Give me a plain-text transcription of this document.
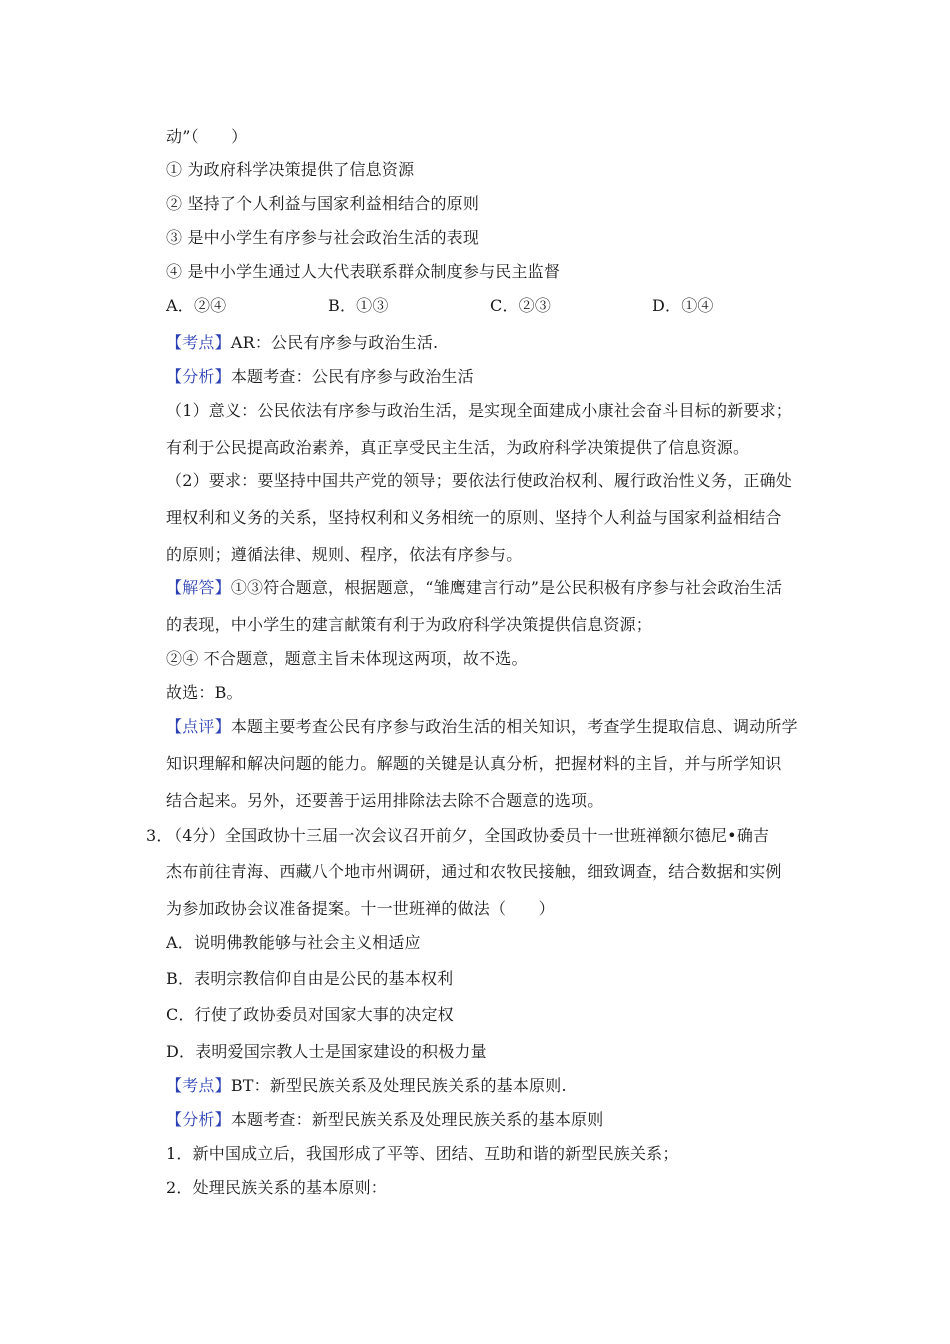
动”（　　）
① 为政府科学决策提供了信息资源
② 坚持了个人利益与国家利益相结合的原则
③ 是中小学生有序参与社会政治生活的表现
④ 是中小学生通过人大代表联系群众制度参与民主监督
A．②④	B．①③	C．②③	D．①④
【考点】AR：公民有序参与政治生活.
【分析】本题考查：公民有序参与政治生活
（1）意义：公民依法有序参与政治生活，是实现全面建成小康社会奋斗目标的新要求；
有利于公民提高政治素养，真正享受民主生活，为政府科学决策提供了信息资源。
（2）要求：要坚持中国共产党的领导；要依法行使政治权利、履行政治性义务，正确处
理权利和义务的关系，坚持权利和义务相统一的原则、坚持个人利益与国家利益相结合
的原则；遵循法律、规则、程序，依法有序参与。
【解答】①③符合题意，根据题意，“雏鹰建言行动”是公民积极有序参与社会政治生活
的表现，中小学生的建言献策有利于为政府科学决策提供信息资源；
②④ 不合题意，题意主旨未体现这两项，故不选。
故选：B。
【点评】本题主要考查公民有序参与政治生活的相关知识，考查学生提取信息、调动所学
知识理解和解决问题的能力。解题的关键是认真分析，把握材料的主旨，并与所学知识
结合起来。另外，还要善于运用排除法去除不合题意的选项。
3．
（4分）全国政协十三届一次会议召开前夕，全国政协委员十一世班禅额尔德尼•确吉
杰布前往青海、西藏八个地市州调研，通过和农牧民接触，细致调查，结合数据和实例
为参加政协会议准备提案。十一世班禅的做法（　　）
A．说明佛教能够与社会主义相适应
B．表明宗教信仰自由是公民的基本权利
C．行使了政协委员对国家大事的决定权
D．表明爱国宗教人士是国家建设的积极力量
【考点】BT：新型民族关系及处理民族关系的基本原则.
【分析】本题考查：新型民族关系及处理民族关系的基本原则
1．新中国成立后，我国形成了平等、团结、互助和谐的新型民族关系；
2．处理民族关系的基本原则：
